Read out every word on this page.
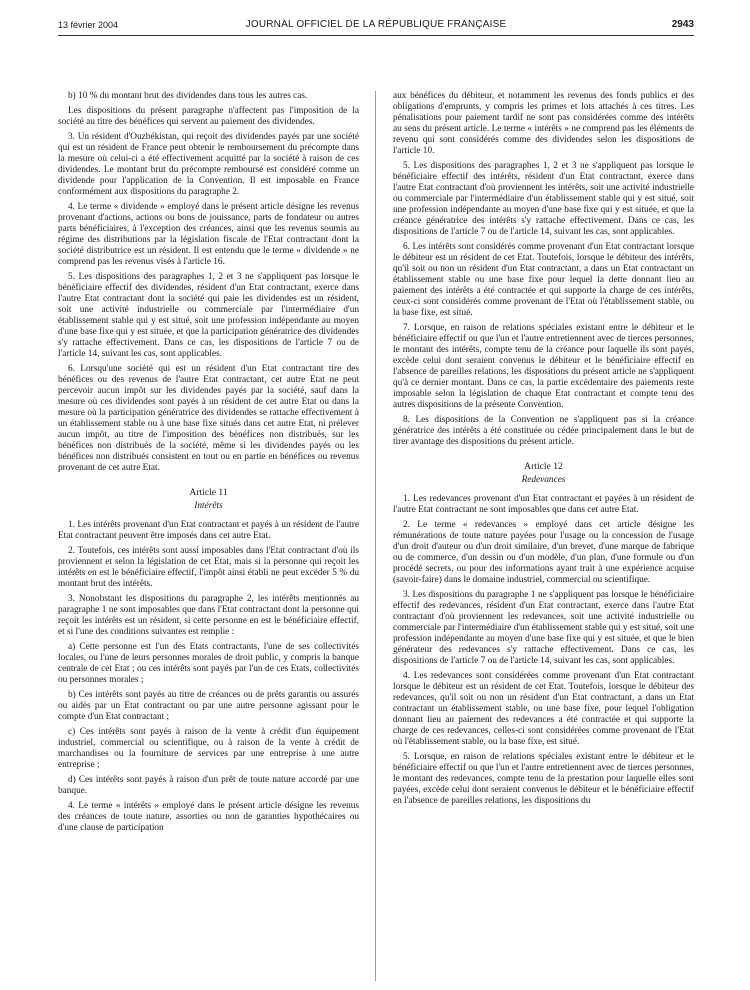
13 février 2004	JOURNAL OFFICIEL DE LA RÉPUBLIQUE FRANÇAISE	2943

b) 10 % du montant brut des dividendes dans tous les autres cas.

Les dispositions du présent paragraphe n'affectent pas l'imposition de la société au titre des bénéfices qui servent au paiement des dividendes.

3. Un résident d'Ouzbékistan, qui reçoit des dividendes payés par une société qui est un résident de France peut obtenir le remboursement du précompte dans la mesure où celui-ci a été effectivement acquitté par la société à raison de ces dividendes. Le montant brut du précompte remboursé est considéré comme un dividende pour l'application de la Convention. Il est imposable en France conformément aux dispositions du paragraphe 2.

4. Le terme « dividende » employé dans le présent article désigne les revenus provenant d'actions, actions ou bons de jouissance, parts de fondateur ou autres parts bénéficiaires, à l'exception des créances, ainsi que les revenus soumis au régime des distributions par la législation fiscale de l'Etat contractant dont la société distributrice est un résident. Il est entendu que le terme « dividende » ne comprend pas les revenus visés à l'article 16.

5. Les dispositions des paragraphes 1, 2 et 3 ne s'appliquent pas lorsque le bénéficiaire effectif des dividendes, résident d'un Etat contractant, exerce dans l'autre Etat contractant dont la société qui paie les dividendes est un résident, soit une activité industrielle ou commerciale par l'intermédiaire d'un établissement stable qui y est situé, soit une profession indépendante au moyen d'une base fixe qui y est située, et que la participation génératrice des dividendes s'y rattache effectivement. Dans ce cas, les dispositions de l'article 7 ou de l'article 14, suivant les cas, sont applicables.

6. Lorsqu'une société qui est un résident d'un Etat contractant tire des bénéfices ou des revenus de l'autre Etat contractant, cet autre Etat ne peut percevoir aucun impôt sur les dividendes payés par la société, sauf dans la mesure où ces dividendes sont payés à un résident de cet autre Etat ou dans la mesure où la participation génératrice des dividendes se rattache effectivement à un établissement stable ou à une base fixe situés dans cet autre Etat, ni prélever aucun impôt, au titre de l'imposition des bénéfices non distribués, sur les bénéfices non distribués de la société, même si les dividendes payés ou les bénéfices non distribués consistent en tout ou en partie en bénéfices ou revenus provenant de cet autre Etat.

Article 11
Intérêts

1. Les intérêts provenant d'un Etat contractant et payés à un résident de l'autre Etat contractant peuvent être imposés dans cet autre Etat.

2. Toutefois, ces intérêts sont aussi imposables dans l'Etat contractant d'où ils proviennent et selon la législation de cet Etat, mais si la personne qui reçoit les intérêts en est le bénéficiaire effectif, l'impôt ainsi établi ne peut excéder 5 % du montant brut des intérêts.

3. Nonobstant les dispositions du paragraphe 2, les intérêts mentionnés au paragraphe 1 ne sont imposables que dans l'Etat contractant dont la personne qui reçoit les intérêts est un résident, si cette personne en est le bénéficiaire effectif, et si l'une des conditions suivantes est remplie :

a) Cette personne est l'un des Etats contractants, l'une de ses collectivités locales, ou l'une de leurs personnes morales de droit public, y compris la banque centrale de cet Etat ; ou ces intérêts sont payés par l'un de ces Etats, collectivités ou personnes morales ;

b) Ces intérêts sont payés au titre de créances ou de prêts garantis ou assurés ou aidés par un Etat contractant ou par une autre personne agissant pour le compte d'un Etat contractant ;

c) Ces intérêts sont payés à raison de la vente à crédit d'un équipement industriel, commercial ou scientifique, ou à raison de la vente à crédit de marchandises ou la fourniture de services par une entreprise à une autre entreprise ;

d) Ces intérêts sont payés à raison d'un prêt de toute nature accordé par une banque.

4. Le terme « intérêts » employé dans le présent article désigne les revenus des créances de toute nature, assorties ou non de garanties hypothécaires ou d'une clause de participation

aux bénéfices du débiteur, et notamment les revenus des fonds publics et des obligations d'emprunts, y compris les primes et lots attachés à ces titres. Les pénalisations pour paiement tardif ne sont pas considérées comme des intérêts au sens du présent article. Le terme « intérêts » ne comprend pas les éléments de revenu qui sont considérés comme des dividendes selon les dispositions de l'article 10.

5. Les dispositions des paragraphes 1, 2 et 3 ne s'appliquent pas lorsque le bénéficiaire effectif des intérêts, résident d'un Etat contractant, exerce dans l'autre Etat contractant d'où proviennent les intérêts, soit une activité industrielle ou commerciale par l'intermédiaire d'un établissement stable qui y est situé, soit une profession indépendante au moyen d'une base fixe qui y est située, et que la créance génératrice des intérêts s'y rattache effectivement. Dans ce cas, les dispositions de l'article 7 ou de l'article 14, suivant les cas, sont applicables.

6. Les intérêts sont considérés comme provenant d'un Etat contractant lorsque le débiteur est un résident de cet Etat. Toutefois, lorsque le débiteur des intérêts, qu'il soit ou non un résident d'un Etat contractant, a dans un Etat contractant un établissement stable ou une base fixe pour lequel la dette donnant lieu au paiement des intérêts a été contractée et qui supporte la charge de ces intérêts, ceux-ci sont considérés comme provenant de l'Etat où l'établissement stable, ou la base fixe, est situé.

7. Lorsque, en raison de relations spéciales existant entre le débiteur et le bénéficiaire effectif ou que l'un et l'autre entretiennent avec de tierces personnes, le montant des intérêts, compte tenu de la créance pour laquelle ils sont payés, excède celui dont seraient convenus le débiteur et le bénéficiaire effectif en l'absence de pareilles relations, les dispositions du présent article ne s'appliquent qu'à ce dernier montant. Dans ce cas, la partie excédentaire des paiements reste imposable selon la législation de chaque Etat contractant et compte tenu des autres dispositions de la présente Convention.

8. Les dispositions de la Convention ne s'appliquent pas si la créance génératrice des intérêts a été constituée ou cédée principalement dans le but de tirer avantage des dispositions du présent article.

Article 12
Redevances

1. Les redevances provenant d'un Etat contractant et payées à un résident de l'autre Etat contractant ne sont imposables que dans cet autre Etat.

2. Le terme « redevances » employé dans cet article désigne les rémunérations de toute nature payées pour l'usage ou la concession de l'usage d'un droit d'auteur ou d'un droit similaire, d'un brevet, d'une marque de fabrique ou de commerce, d'un dessin ou d'un modèle, d'un plan, d'une formule ou d'un procédé secrets, ou pour des informations ayant trait à une expérience acquise (savoir-faire) dans le domaine industriel, commercial ou scientifique.

3. Les dispositions du paragraphe 1 ne s'appliquent pas lorsque le bénéficiaire effectif des redevances, résident d'un Etat contractant, exerce dans l'autre Etat contractant d'où proviennent les redevances, soit une activité industrielle ou commerciale par l'intermédiaire d'un établissement stable qui y est situé, soit une profession indépendante au moyen d'une base fixe qui y est située, et que le bien générateur des redevances s'y rattache effectivement. Dans ce cas, les dispositions de l'article 7 ou de l'article 14, suivant les cas, sont applicables.

4. Les redevances sont considérées comme provenant d'un Etat contractant lorsque le débiteur est un résident de cet Etat. Toutefois, lorsque le débiteur des redevances, qu'il soit ou non un résident d'un Etat contractant, a dans un Etat contractant un établissement stable, ou une base fixe, pour lequel l'obligation donnant lieu au paiement des redevances a été contractée et qui supporte la charge de ces redevances, celles-ci sont considérées comme provenant de l'Etat où l'établissement stable, ou la base fixe, est situé.

5. Lorsque, en raison de relations spéciales existant entre le débiteur et le bénéficiaire effectif ou que l'un et l'autre entretiennent avec de tierces personnes, le montant des redevances, compte tenu de la prestation pour laquelle elles sont payées, excède celui dont seraient convenus le débiteur et le bénéficiaire effectif en l'absence de pareilles relations, les dispositions du
